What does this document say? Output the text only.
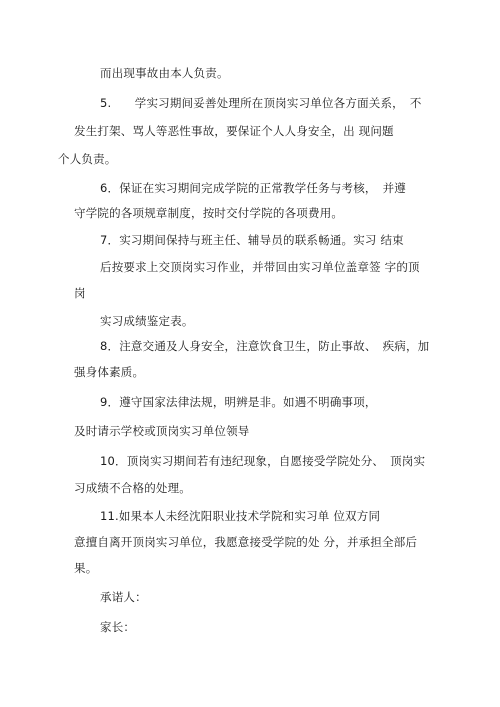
而出现事故由本人负责。
5.　　学实习期间妥善处理所在顶岗实习单位各方面关系，　不
发生打架、骂人等恶性事故，要保证个人人身安全，出 现问题
个人负责。
6．保证在实习期间完成学院的正常教学任务与考核，　并遵
守学院的各项规章制度，按时交付学院的各项费用。
7．实习期间保持与班主任、辅导员的联系畅通。实习 结束
后按要求上交顶岗实习作业，并带回由实习单位盖章签 字的顶
岗
实习成绩鉴定表。
8．注意交通及人身安全，注意饮食卫生，防止事故、　疾病，加
强身体素质。
9．遵守国家法律法规，明辨是非。如遇不明确事项，
及时请示学校或顶岗实习单位领导
10．顶岗实习期间若有违纪现象，自愿接受学院处分、　顶岗实
习成绩不合格的处理。
11.如果本人未经沈阳职业技术学院和实习单 位双方同
意擅自离开顶岗实习单位，我愿意接受学院的处 分，并承担全部后
果。
承诺人：
家长：
